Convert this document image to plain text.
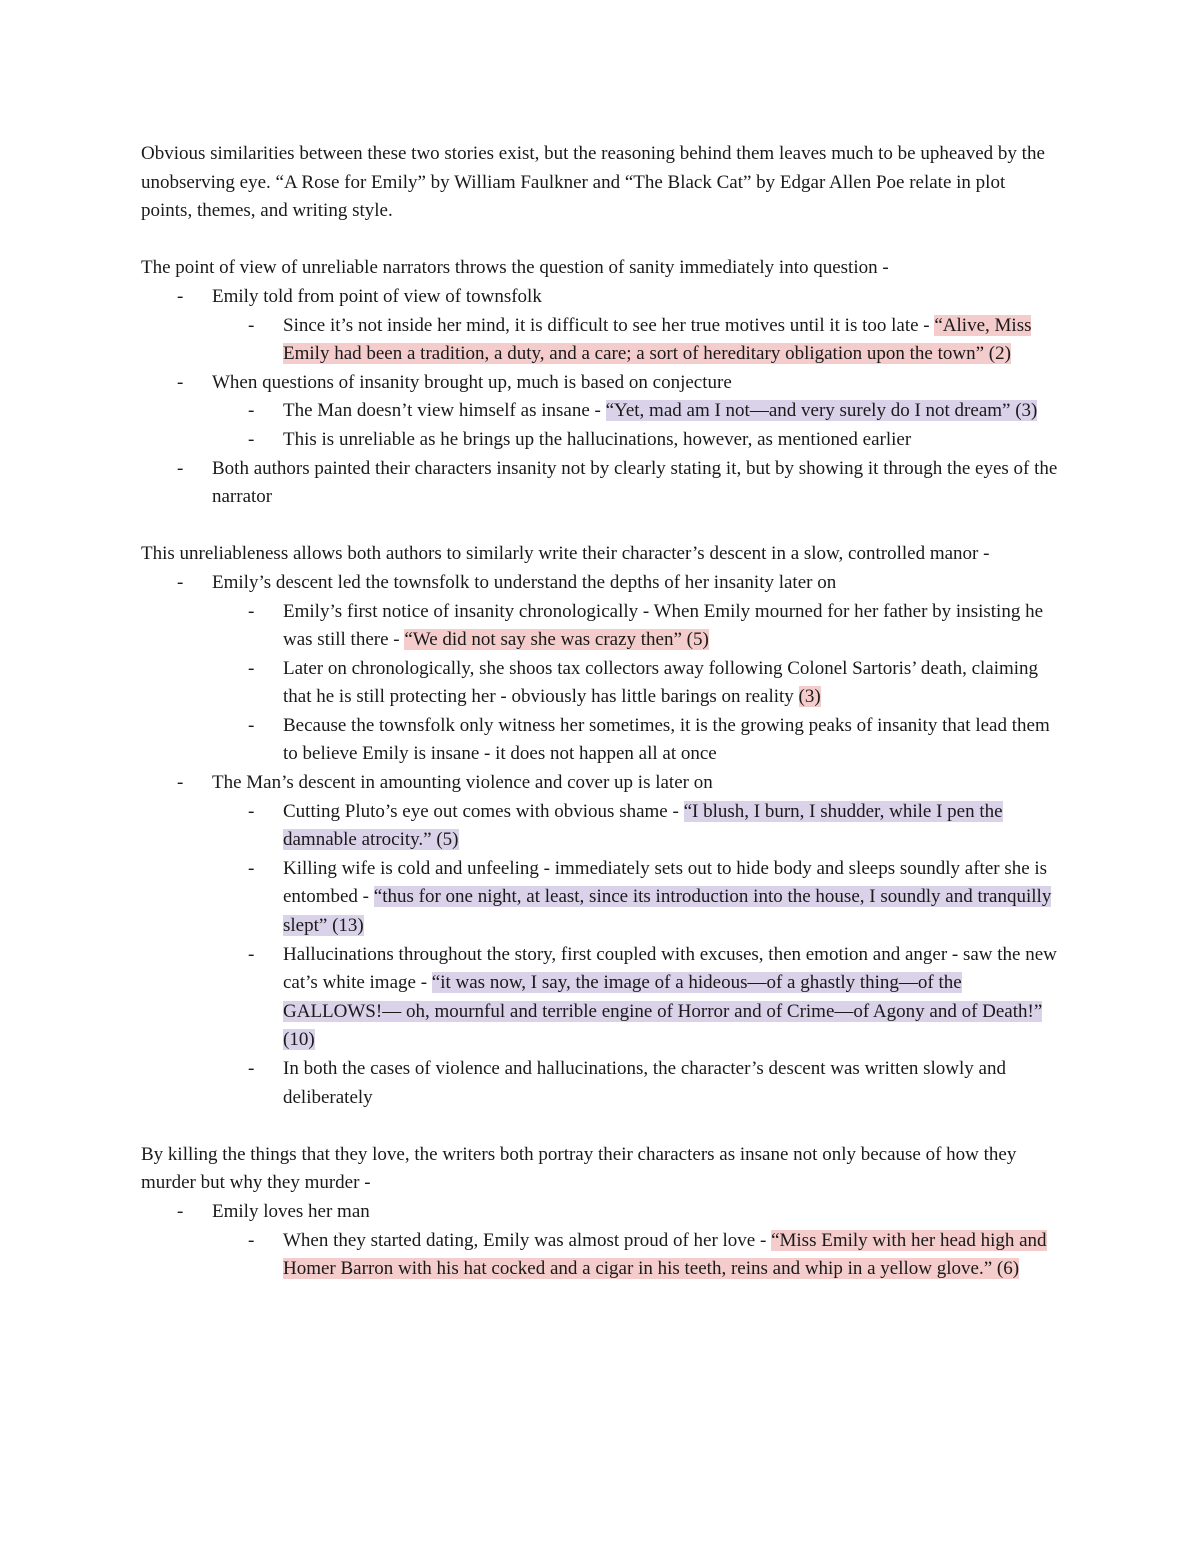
Obvious similarities between these two stories exist, but the reasoning behind them leaves much to be upheaved by the unobserving eye. “A Rose for Emily” by William Faulkner and “The Black Cat” by Edgar Allen Poe relate in plot points, themes, and writing style.

The point of view of unreliable narrators throws the question of sanity immediately into question -

- Emily told from point of view of townsfolk
- Since it’s not inside her mind, it is difficult to see her true motives until it is too late - “Alive, Miss Emily had been a tradition, a duty, and a care; a sort of hereditary obligation upon the town” (2)
- When questions of insanity brought up, much is based on conjecture
- The Man doesn’t view himself as insane - “Yet, mad am I not—and very surely do I not dream” (3)
- This is unreliable as he brings up the hallucinations, however, as mentioned earlier
- Both authors painted their characters insanity not by clearly stating it, but by showing it through the eyes of the narrator

This unreliableness allows both authors to similarly write their character’s descent in a slow, controlled manor -

- Emily’s descent led the townsfolk to understand the depths of her insanity later on
- Emily’s first notice of insanity chronologically - When Emily mourned for her father by insisting he was still there - “We did not say she was crazy then” (5)
- Later on chronologically, she shoos tax collectors away following Colonel Sartoris’ death, claiming that he is still protecting her - obviously has little barings on reality (3)
- Because the townsfolk only witness her sometimes, it is the growing peaks of insanity that lead them to believe Emily is insane - it does not happen all at once
- The Man’s descent in amounting violence and cover up is later on
- Cutting Pluto’s eye out comes with obvious shame - “I blush, I burn, I shudder, while I pen the damnable atrocity.” (5)
- Killing wife is cold and unfeeling - immediately sets out to hide body and sleeps soundly after she is entombed - “thus for one night, at least, since its introduction into the house, I soundly and tranquilly slept” (13)
- Hallucinations throughout the story, first coupled with excuses, then emotion and anger - saw the new cat’s white image - “it was now, I say, the image of a hideous—of a ghastly thing—of the GALLOWS!— oh, mournful and terrible engine of Horror and of Crime—of Agony and of Death!” (10)
- In both the cases of violence and hallucinations, the character’s descent was written slowly and deliberately

By killing the things that they love, the writers both portray their characters as insane not only because of how they murder but why they murder -

- Emily loves her man
- When they started dating, Emily was almost proud of her love - “Miss Emily with her head high and Homer Barron with his hat cocked and a cigar in his teeth, reins and whip in a yellow glove.” (6)
